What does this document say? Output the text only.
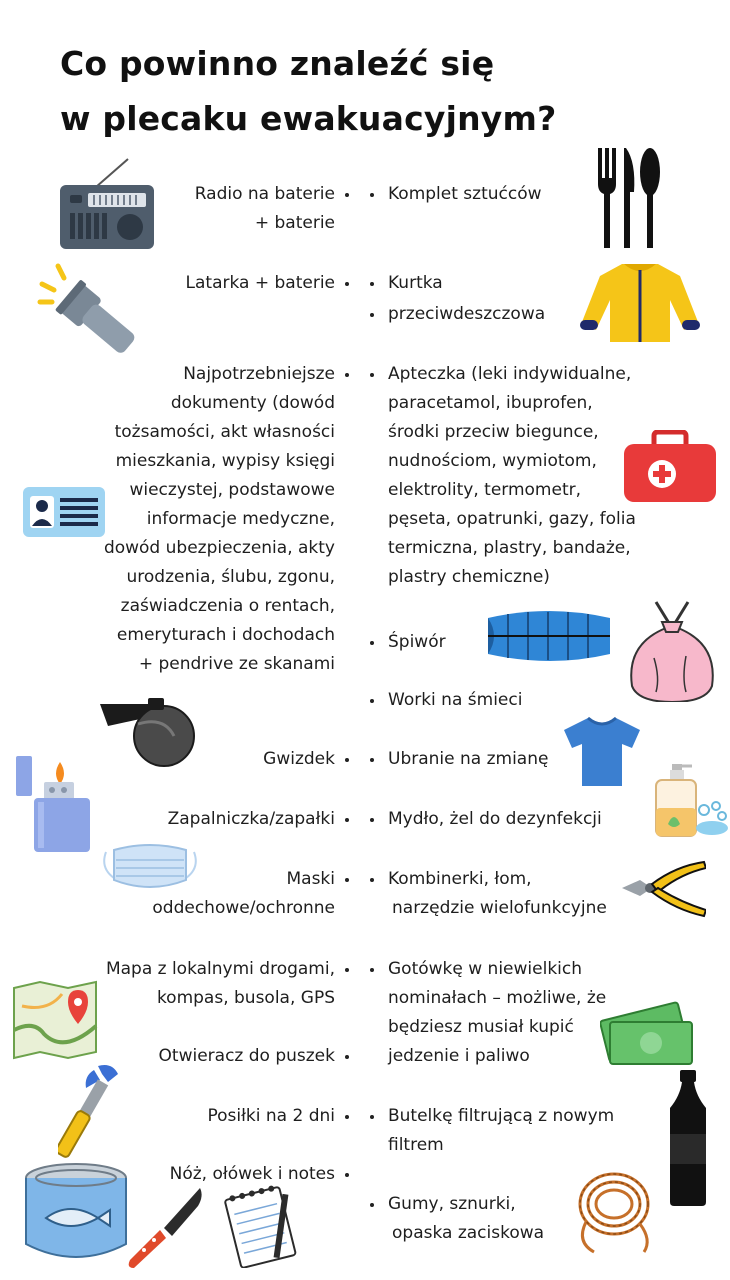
Co powinno znaleźć się
w plecaku ewakuacyjnym?
Radio na baterie
+ baterie
Latarka + baterie
Najpotrzebniejsze
dokumenty (dowód
tożsamości, akt własności
mieszkania, wypisy księgi
wieczystej, podstawowe
informacje medyczne,
dowód ubezpieczenia, akty
urodzenia, ślubu, zgonu,
zaświadczenia o rentach,
emeryturach i dochodach
+ pendrive ze skanami
Gwizdek
Zapalniczka/zapałki
Maski
oddechowe/ochronne
Mapa z lokalnymi drogami,
kompas, busola, GPS
Otwieracz do puszek
Posiłki na 2 dni
Nóż, ołówek i notes
Komplet sztućców
Kurtka
przeciwdeszczowa
Apteczka (leki indywidualne,
paracetamol, ibuprofen,
środki przeciw biegunce,
nudnościom, wymiotom,
elektrolity, termometr,
pęseta, opatrunki, gazy, folia
termiczna, plastry, bandaże,
plastry chemiczne)
Śpiwór
Worki na śmieci
Ubranie na zmianę
Mydło, żel do dezynfekcji
Kombinerki, łom,
narzędzie wielofunkcyjne
Gotówkę w niewielkich
nominałach – możliwe, że
będziesz musiał kupić
jedzenie i paliwo
Butelkę filtrującą z nowym
filtrem
Gumy, sznurki,
opaska zaciskowa
